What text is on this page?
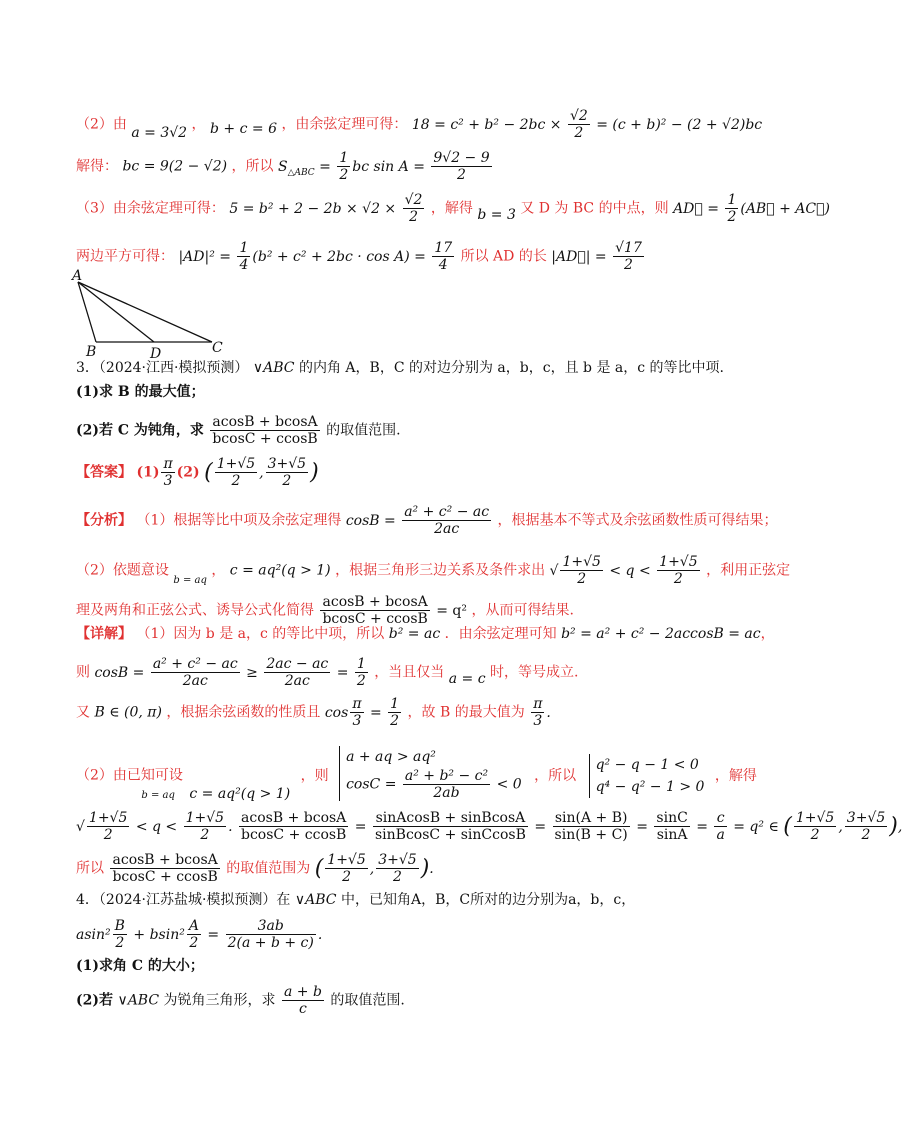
（2）由 a = 3√2 ， b + c = 6 ，由余弦定理可得： $18 = c^2 + b^2 - 2bc \times \frac{√2}{2} = (c + b)^2 - (2 + √2)bc$
解得： bc = 9(2 − √2) ，所以 $S_{\triangle ABC} = \frac{1}{2}$ bc $\sin A = \frac{9√2 - 9}{2}$
（3）由余弦定理可得： $5 = b^2 + 2 - 2b \times √2 \times \frac{√2}{2}$ ，解得 b = 3 又 D 为 BC 的中点，则 AD⃗ = $\frac{1}{2}$ (AB⃗ + AC⃗)
两边平方可得： $|AD|^2 = \frac{1}{4} (b^2 + c^2 + 2bc \cdot \cos A) = \frac{17}{4}$ 所以 AD 的长 |AD⃗| = $\frac{√17}{2}$
A
B	D	C
3．（2024·江西·模拟预测） ∨ABC 的内角 A，B，C 的对边分别为 a，b，c，且 b 是 a，c 的等比中项.
(1)求 B 的最大值；
(2)若 C 为钝角，求 $\frac{acosB + bcosA}{bcosC + ccosB}$ 的取值范围.
【答案】 $(1) \frac{\pi}{3} (2)$ ( $\frac{1+√5}{2}$ , $\frac{3+√5}{2}$ )
【分析】 （1）根据等比中项及余弦定理得 $\cos B = \frac{\text{a² + c² − ac}}{2ac}$ ，根据基本不等式及余弦函数性质可得结果；
（2）依题意设 $_{b = aq}$ ， c = aq²(q > 1) ，根据三角形三边关系及条件求出 √ $\frac{1+√5}{2} < q < \frac{1+√5}{2}$ ，利用正弦定
理及两角和正弦公式、诱导公式化简得 $\frac{acosB + bcosA}{bcosC + ccosB} = q^2$ ，从而可得结果.
【详解】 （1）因为 b 是 a，c 的等比中项，所以 b² = ac ．由余弦定理可知 b² = a² + c² − 2accosB = ac，
则 $\cos B = \frac{\text{a² + c² − ac}}{2ac} \ge \frac{2ac - ac}{2ac} = \frac{1}{2}$ ，当且仅当 a = c 时，等号成立.
又 B ∈ (0, π) ，根据余弦函数的性质且 $\cos \frac{\pi}{3} = \frac{1}{2}$ ，故 B 的最大值为 $\frac{\pi}{3}$ .
（2）由已知可设 $_{b = aq}$ c = aq²(q > 1) ，则
a + aq > aq²
$\cos C = \frac{\text{a² + b² − c²}}{2ab} < 0$
，所以
q² − q − 1 < 0
q⁴ − q² − 1 > 0
，解得
√ $\frac{1+√5}{2} < q < \frac{1+√5}{2}$ . $\frac{acosB + bcosA}{bcosC + ccosB} = \frac{\text{sinAcosB + sinBcosA}}{\text{sinBcosC + sinCcosB}} = \frac{\sin(A + B)}{\sin(B + C)} = \frac{\sin C}{\sin A} = \frac{c}{a} = q^2$ ∈ ( $\frac{1+√5}{2}$ , $\frac{3+√5}{2}$ ),
所以 $\frac{acosB + bcosA}{bcosC + ccosB}$ 的取值范围为 ( $\frac{1+√5}{2}$ , $\frac{3+√5}{2}$ ).
4．（2024·江苏盐城·模拟预测）在 ∨ABC 中，已知角A，B，C所对的边分别为a，b，c，
$asin^2 \frac{B}{2} + bsin^2 \frac{A}{2} = \frac{3ab}{2(a + b + c)}$ .
(1)求角 C 的大小；
(2)若 ∨ABC 为锐角三角形，求 $\frac{a + b}{c}$ 的取值范围.
